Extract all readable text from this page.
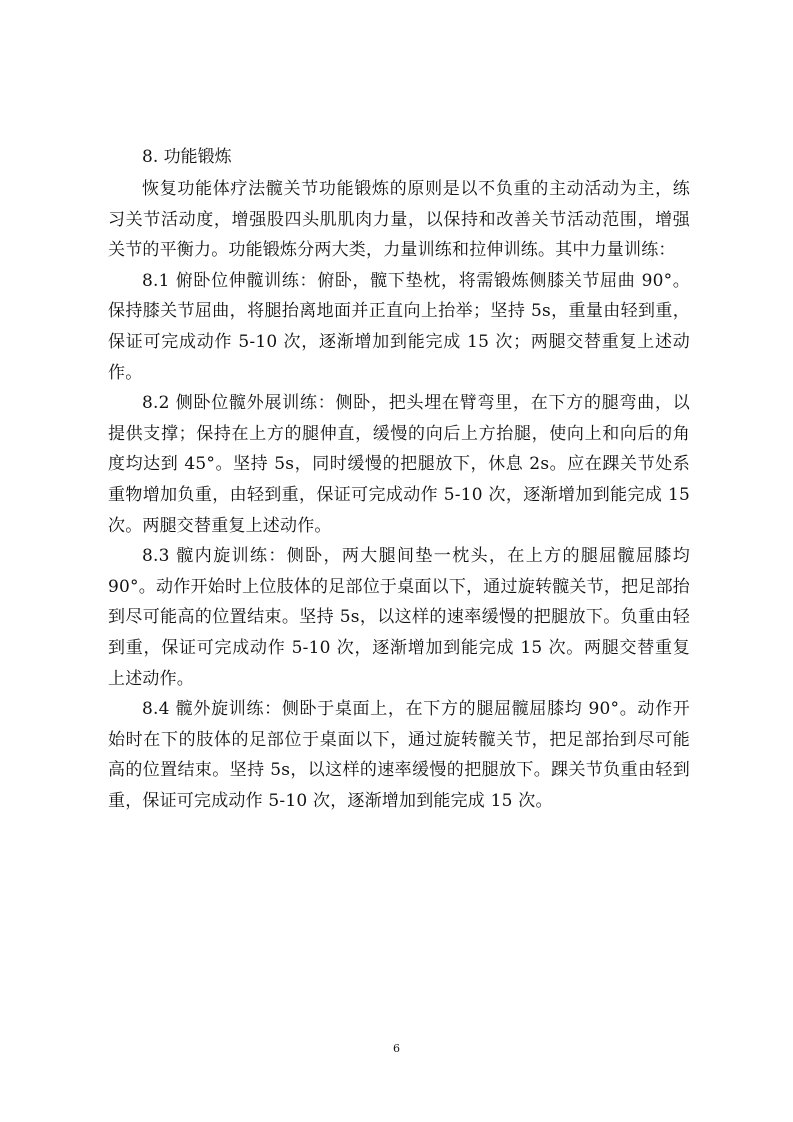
8. 功能锻炼

恢复功能体疗法髋关节功能锻炼的原则是以不负重的主动活动为主，练习关节活动度，增强股四头肌肌肉力量，以保持和改善关节活动范围，增强关节的平衡力。功能锻炼分两大类，力量训练和拉伸训练。其中力量训练：

8.1 俯卧位伸髋训练：俯卧，髋下垫枕，将需锻炼侧膝关节屈曲 90°。保持膝关节屈曲，将腿抬离地面并正直向上抬举；坚持 5s，重量由轻到重，保证可完成动作 5-10 次，逐渐增加到能完成 15 次；两腿交替重复上述动作。

8.2 侧卧位髋外展训练：侧卧，把头埋在臂弯里，在下方的腿弯曲，以提供支撑；保持在上方的腿伸直，缓慢的向后上方抬腿，使向上和向后的角度均达到 45°。坚持 5s，同时缓慢的把腿放下，休息 2s。应在踝关节处系重物增加负重，由轻到重，保证可完成动作 5-10 次，逐渐增加到能完成 15 次。两腿交替重复上述动作。

8.3 髋内旋训练：侧卧，两大腿间垫一枕头，在上方的腿屈髋屈膝均 90°。动作开始时上位肢体的足部位于桌面以下，通过旋转髋关节，把足部抬到尽可能高的位置结束。坚持 5s，以这样的速率缓慢的把腿放下。负重由轻到重，保证可完成动作 5-10 次，逐渐增加到能完成 15 次。两腿交替重复上述动作。

8.4 髋外旋训练：侧卧于桌面上，在下方的腿屈髋屈膝均 90°。动作开始时在下的肢体的足部位于桌面以下，通过旋转髋关节，把足部抬到尽可能高的位置结束。坚持 5s，以这样的速率缓慢的把腿放下。踝关节负重由轻到重，保证可完成动作 5-10 次，逐渐增加到能完成 15 次。

6
